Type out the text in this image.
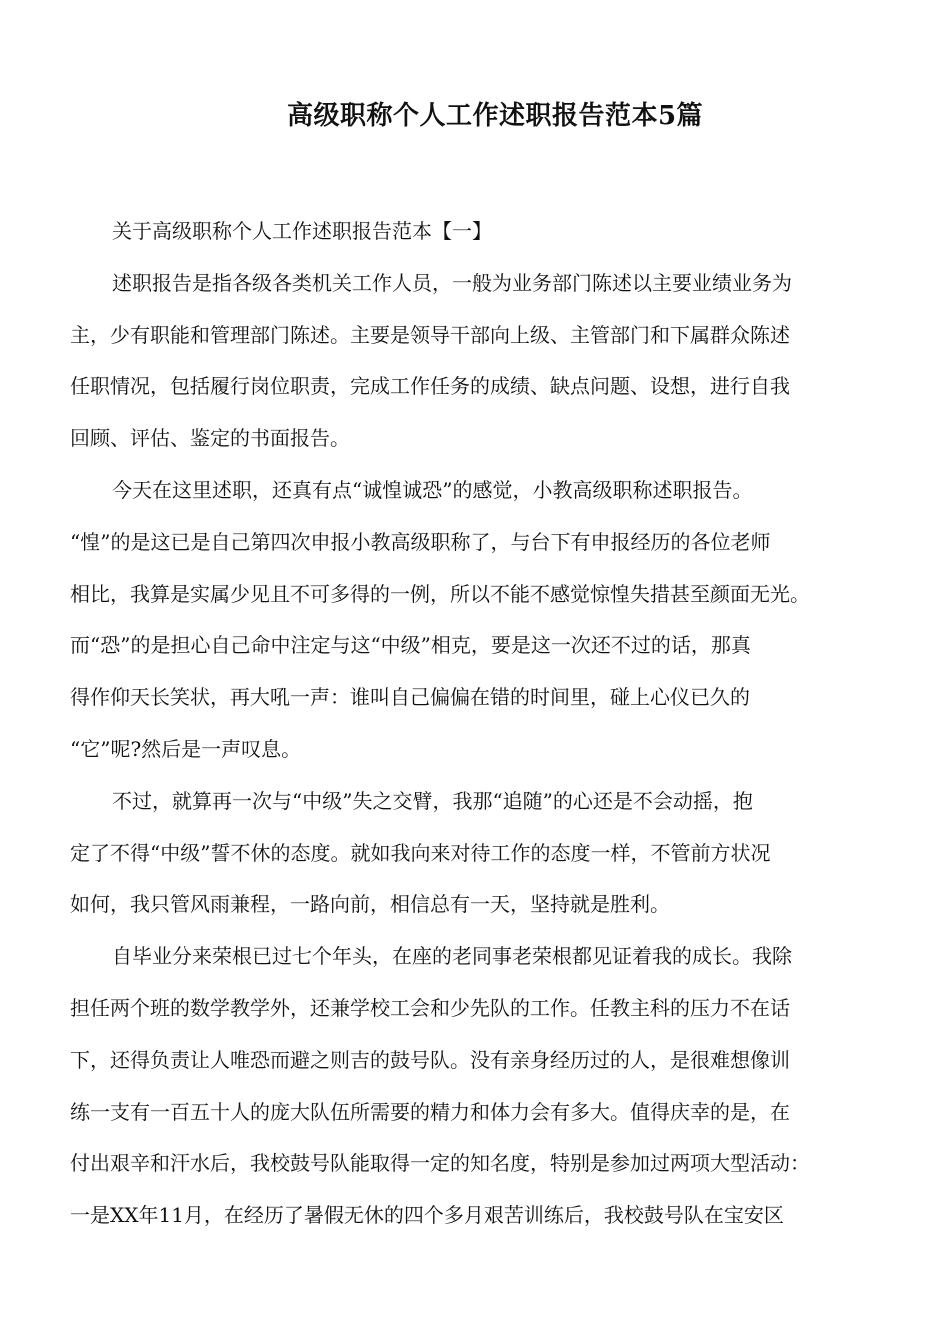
高级职称个人工作述职报告范本5篇

关于高级职称个人工作述职报告范本【一】

述职报告是指各级各类机关工作人员，一般为业务部门陈述以主要业绩业务为
主，少有职能和管理部门陈述。主要是领导干部向上级、主管部门和下属群众陈述
任职情况，包括履行岗位职责，完成工作任务的成绩、缺点问题、设想，进行自我
回顾、评估、鉴定的书面报告。

今天在这里述职，还真有点“诚惶诚恐”的感觉，小教高级职称述职报告。
“惶”的是这已是自己第四次申报小教高级职称了，与台下有申报经历的各位老师
相比，我算是实属少见且不可多得的一例，所以不能不感觉惊惶失措甚至颜面无光。
而“恐”的是担心自己命中注定与这“中级”相克，要是这一次还不过的话，那真
得作仰天长笑状，再大吼一声：谁叫自己偏偏在错的时间里，碰上心仪已久的
“它”呢?然后是一声叹息。

不过，就算再一次与“中级”失之交臂，我那“追随”的心还是不会动摇，抱
定了不得“中级”誓不休的态度。就如我向来对待工作的态度一样，不管前方状况
如何，我只管风雨兼程，一路向前，相信总有一天，坚持就是胜利。

自毕业分来荣根已过七个年头，在座的老同事老荣根都见证着我的成长。我除
担任两个班的数学教学外，还兼学校工会和少先队的工作。任教主科的压力不在话
下，还得负责让人唯恐而避之则吉的鼓号队。没有亲身经历过的人，是很难想像训
练一支有一百五十人的庞大队伍所需要的精力和体力会有多大。值得庆幸的是，在
付出艰辛和汗水后，我校鼓号队能取得一定的知名度，特别是参加过两项大型活动：
一是XX年11月，在经历了暑假无休的四个多月艰苦训练后，我校鼓号队在宝安区
